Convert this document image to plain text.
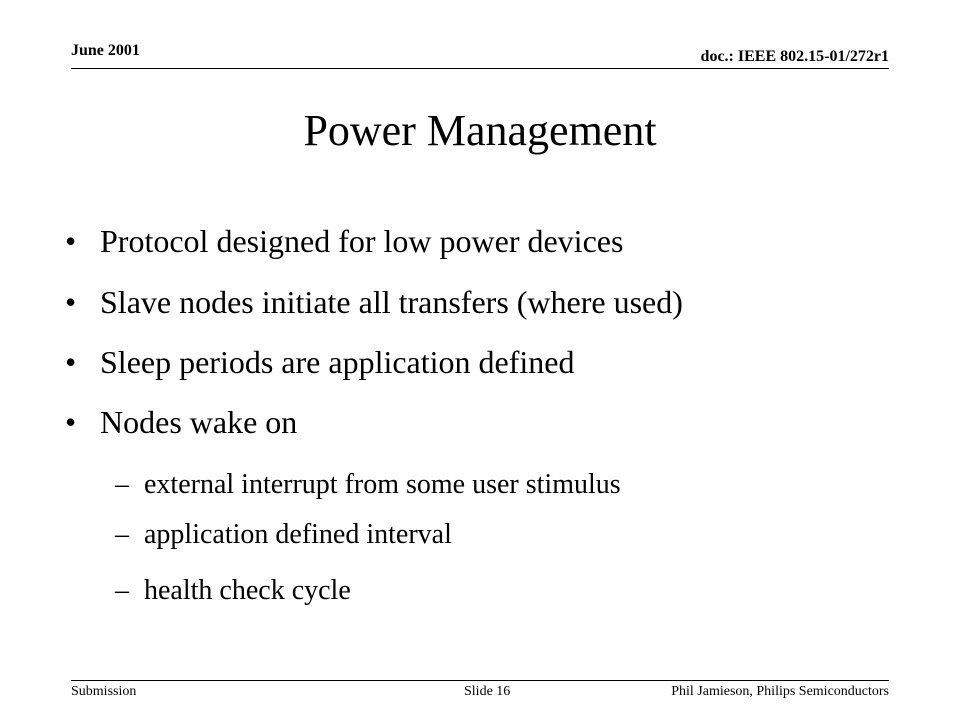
June 2001	doc.: IEEE 802.15-01/272r1
Power Management
• Protocol designed for low power devices
• Slave nodes initiate all transfers (where used)
• Sleep periods are application defined
• Nodes wake on
– external interrupt from some user stimulus
– application defined interval
– health check cycle
Submission	Slide 16	Phil Jamieson, Philips Semiconductors
